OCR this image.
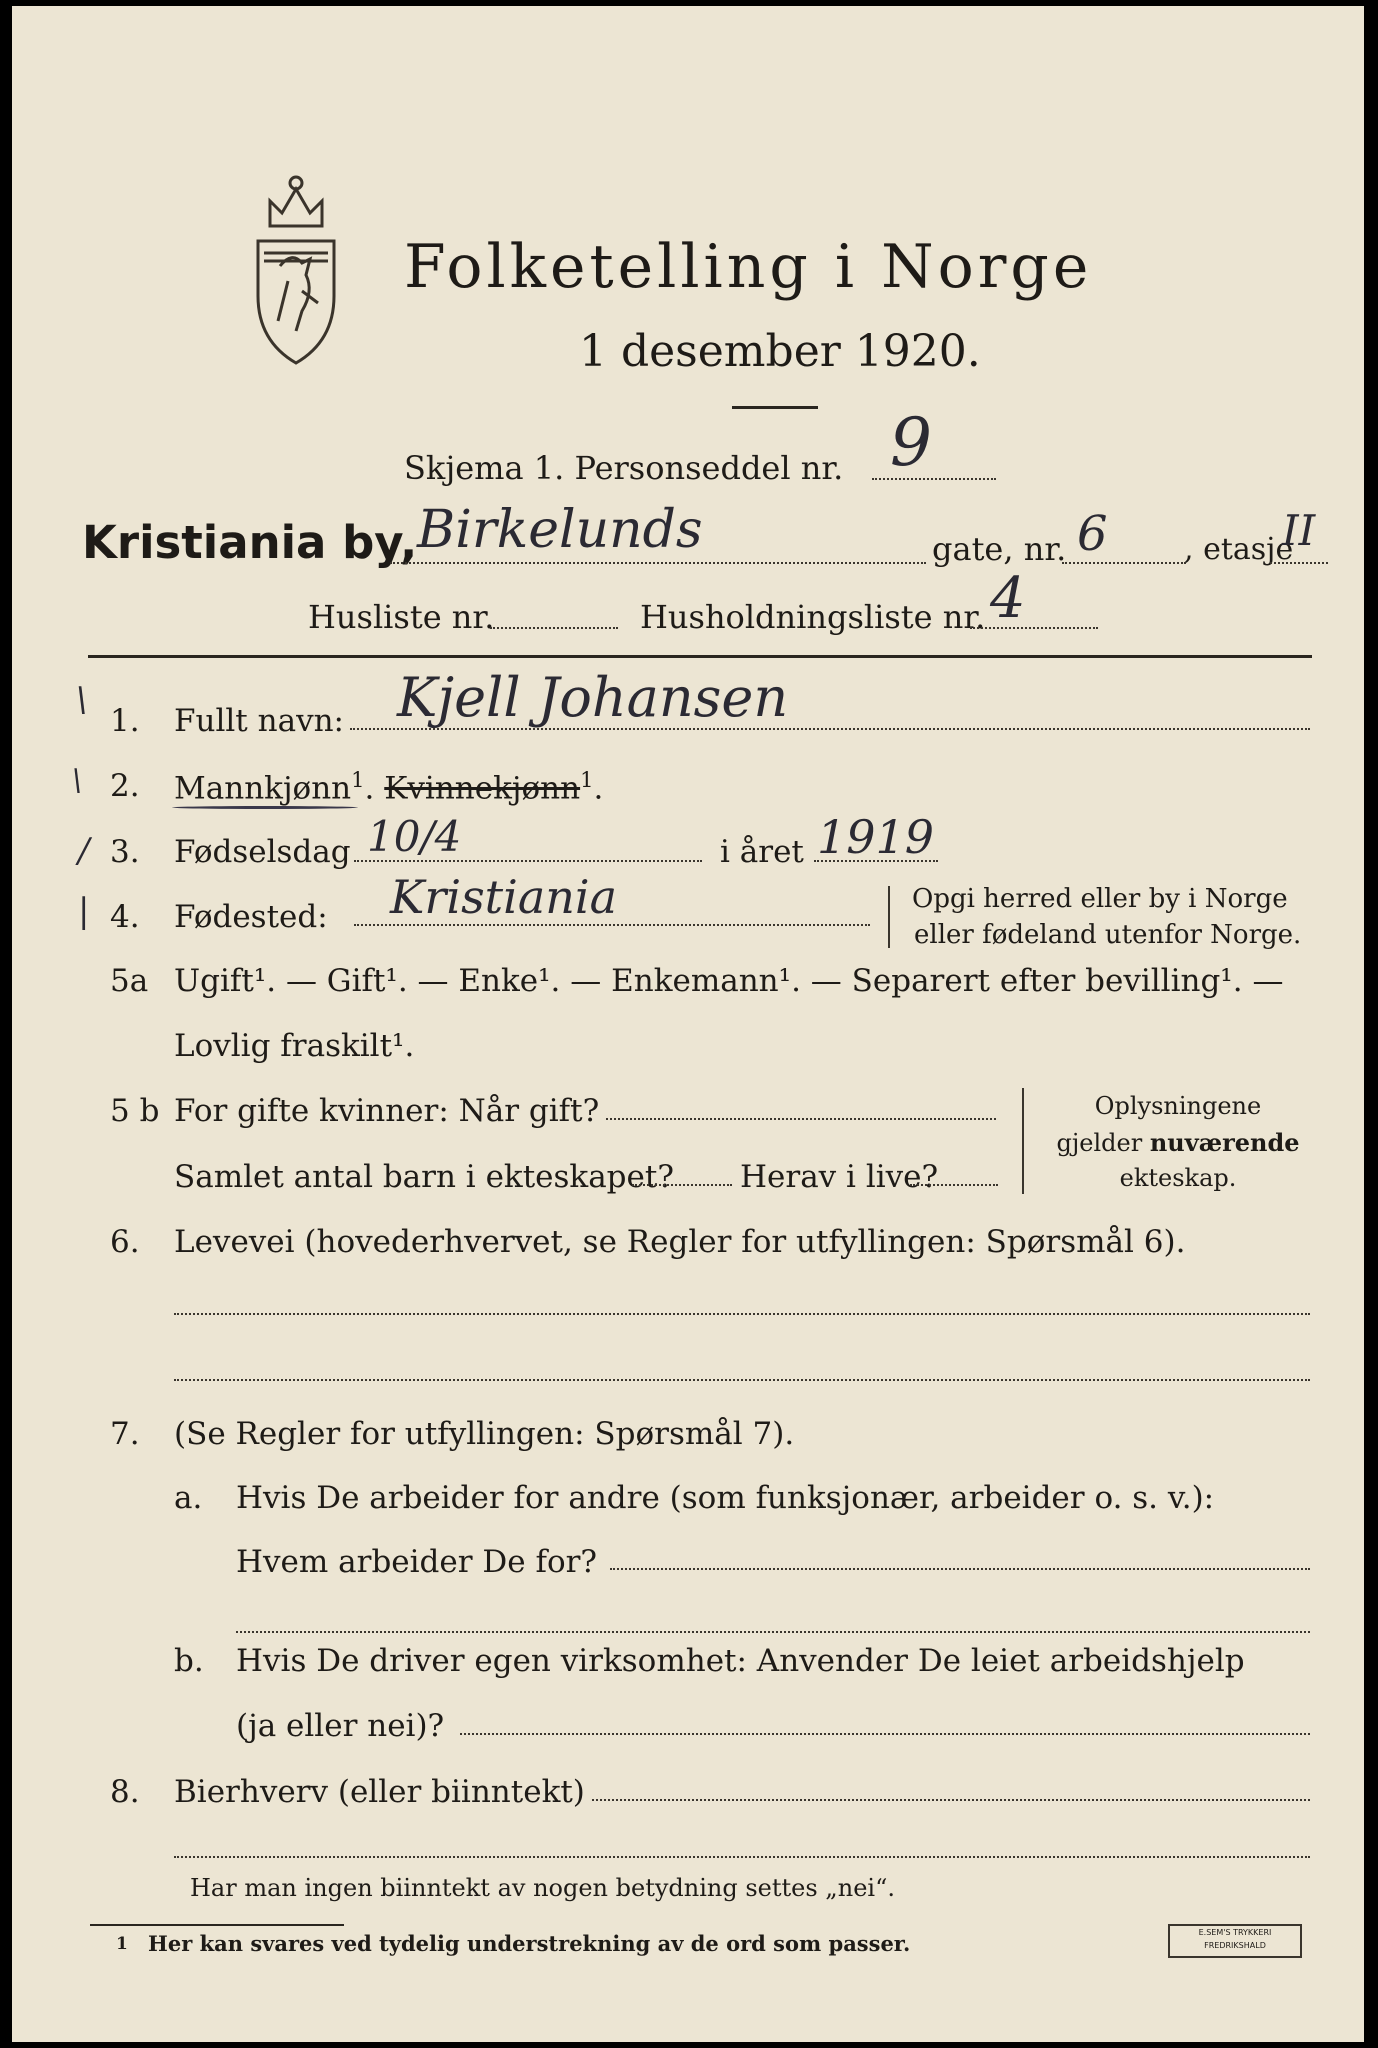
Folketelling i Norge
1 desember 1920.
Skjema 1. Personseddel nr. 9
Kristiania by, Birkelunds	gate, nr. 6	, etasje
II
Husliste nr.	Husholdningsliste nr. 4
\
\
/
|
1. Fullt navn: Kjell Johansen
2. Mannkjønn$^1$. Kvinnekjønn$^1$.
3. Fødselsdag 10/4	i året 1919
4. Fødested: Kristiania	Opgi herred eller by i Norge
eller fødeland utenfor Norge.
5a Ugift¹. — Gift¹. — Enke¹. — Enkemann¹. — Separert efter bevilling¹. —
Lovlig fraskilt¹.
5 b For gifte kvinner: Når gift?
Samlet antal barn i ekteskapet? Herav i live?
Oplysningene
gjelder nuværende
ekteskap.
6. Levevei (hovederhvervet, se Regler for utfyllingen: Spørsmål 6).
7. (Se Regler for utfyllingen: Spørsmål 7).
a. Hvis De arbeider for andre (som funksjonær, arbeider o. s. v.):
Hvem arbeider De for?
b. Hvis De driver egen virksomhet: Anvender De leiet arbeidshjelp
(ja eller nei)?
8. Bierhverv (eller biinntekt)
Har man ingen biinntekt av nogen betydning settes „nei“.
1 Her kan svares ved tydelig understrekning av de ord som passer.	E.SEM'S TRYKKERI
FREDRIKSHALD
